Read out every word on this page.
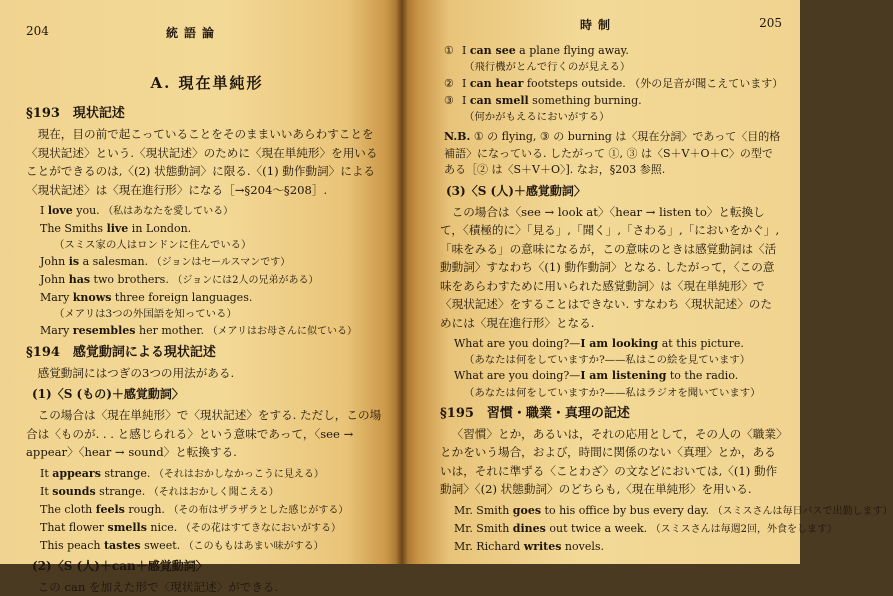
204	統語論
A. 現在単純形
§193　現状記述
現在，目の前で起こっていることをそのままいいあらわすことを〈現状記述〉という.〈現状記述〉のために〈現在単純形〉を用いることができるのは,〈(2) 状態動詞〉に限る.〈(1) 動作動詞〉による〈現状記述〉は〈現在進行形〉になる［→§204〜§208］.
I love you. （私はあなたを愛している）
The Smiths live in London.
（スミス家の人はロンドンに住んでいる）
John is a salesman. （ジョンはセールスマンです）
John has two brothers. （ジョンには2人の兄弟がある）
Mary knows three foreign languages.
（メアリは3つの外国語を知っている）
Mary resembles her mother. （メアリはお母さんに似ている）
§194　感覚動詞による現状記述
感覚動詞にはつぎの3つの用法がある.
(1)〈S (もの)＋感覚動詞〉
この場合は〈現在単純形〉で〈現状記述〉をする. ただし，この場合は〈ものが. . . と感じられる〉という意味であって，〈see → appear〉〈hear → sound〉と転換する.
It appears strange. （それはおかしなかっこうに見える）
It sounds strange. （それはおかしく聞こえる）
The cloth feels rough. （その布はザラザラとした感じがする）
That flower smells nice. （その花はすてきなにおいがする）
This peach tastes sweet. （このももはあまい味がする）
(2)〈S (人)＋can＋感覚動詞〉
この can を加えた形で〈現状記述〉ができる.
時制	205
① I can see a plane flying away.
（飛行機がとんで行くのが見える）
② I can hear footsteps outside. （外の足音が聞こえています）
③ I can smell something burning.
（何かがもえるにおいがする）
N.B. ① の flying, ③ の burning は〈現在分詞〉であって〈目的格補語〉になっている. したがって ①, ③ は〈S＋V＋O＋C〉の型である［② は〈S＋V＋O〉]. なお，§203 参照.
(3)〈S (人)＋感覚動詞〉
この場合は〈see → look at〉〈hear → listen to〉と転換して，〈積極的に〉「見る」,「聞く」,「さわる」,「においをかぐ」,「味をみる」の意味になるが，この意味のときは感覚動詞は〈活動動詞〉すなわち〈(1) 動作動詞〉となる. したがって，〈この意味をあらわすために用いられた感覚動詞〉は〈現在単純形〉で〈現状記述〉をすることはできない. すなわち〈現状記述〉のためには〈現在進行形〉となる.
What are you doing?—I am looking at this picture.
（あなたは何をしていますか?——私はこの絵を見ています）
What are you doing?—I am listening to the radio.
（あなたは何をしていますか?——私はラジオを聞いています）
§195　習慣・職業・真理の記述
〈習慣〉とか，あるいは，それの応用として，その人の〈職業〉とかをいう場合，および，時間に関係のない〈真理〉とか，あるいは，それに準ずる〈ことわざ〉の文などにおいては,〈(1) 動作動詞〉〈(2) 状態動詞〉のどちらも,〈現在単純形〉を用いる.
Mr. Smith goes to his office by bus every day. （スミスさんは毎日バスで出勤します）
Mr. Smith dines out twice a week. （スミスさんは毎週2回，外食をします）
Mr. Richard writes novels.
